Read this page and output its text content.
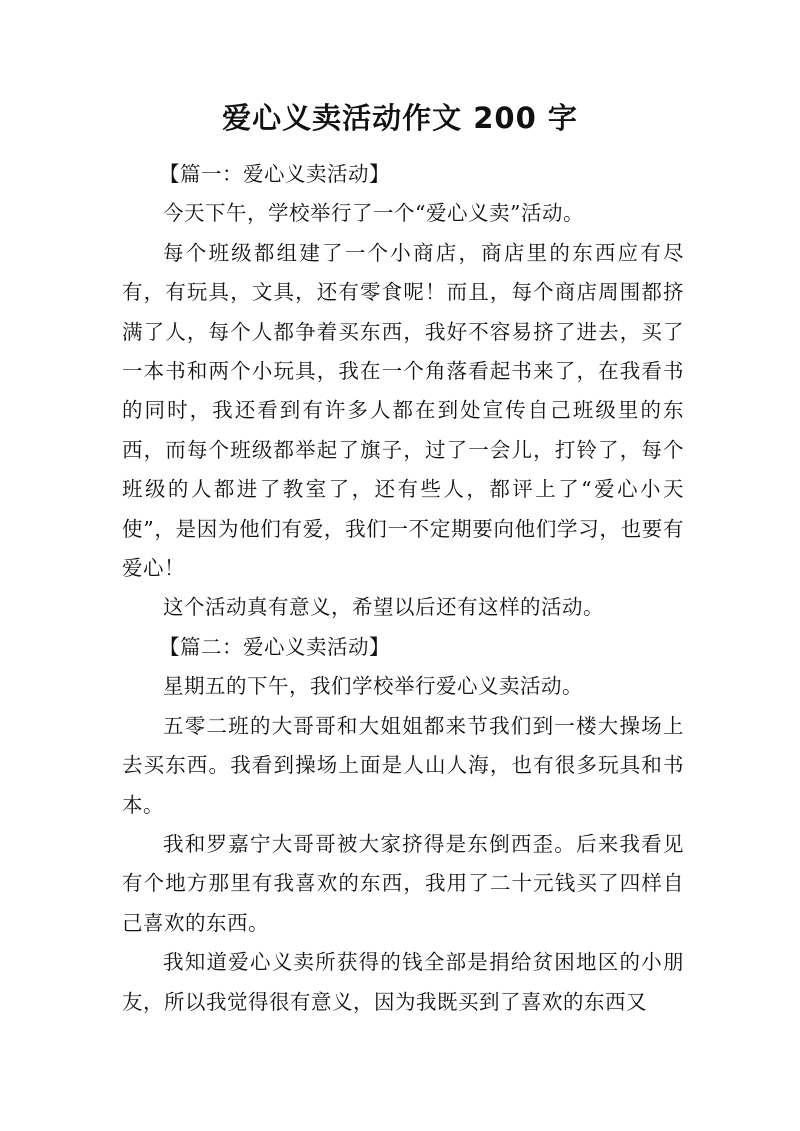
爱心义卖活动作文 200 字

【篇一：爱心义卖活动】

今天下午，学校举行了一个“爱心义卖”活动。

每个班级都组建了一个小商店，商店里的东西应有尽有，有玩具，文具，还有零食呢！而且，每个商店周围都挤满了人，每个人都争着买东西，我好不容易挤了进去，买了一本书和两个小玩具，我在一个角落看起书来了，在我看书的同时，我还看到有许多人都在到处宣传自己班级里的东西，而每个班级都举起了旗子，过了一会儿，打铃了，每个班级的人都进了教室了，还有些人，都评上了“爱心小天使”，是因为他们有爱，我们一不定期要向他们学习，也要有爱心！

这个活动真有意义，希望以后还有这样的活动。

【篇二：爱心义卖活动】

星期五的下午，我们学校举行爱心义卖活动。

五零二班的大哥哥和大姐姐都来节我们到一楼大操场上去买东西。我看到操场上面是人山人海，也有很多玩具和书本。

我和罗嘉宁大哥哥被大家挤得是东倒西歪。后来我看见有个地方那里有我喜欢的东西，我用了二十元钱买了四样自己喜欢的东西。

我知道爱心义卖所获得的钱全部是捐给贫困地区的小朋友，所以我觉得很有意义，因为我既买到了喜欢的东西又
